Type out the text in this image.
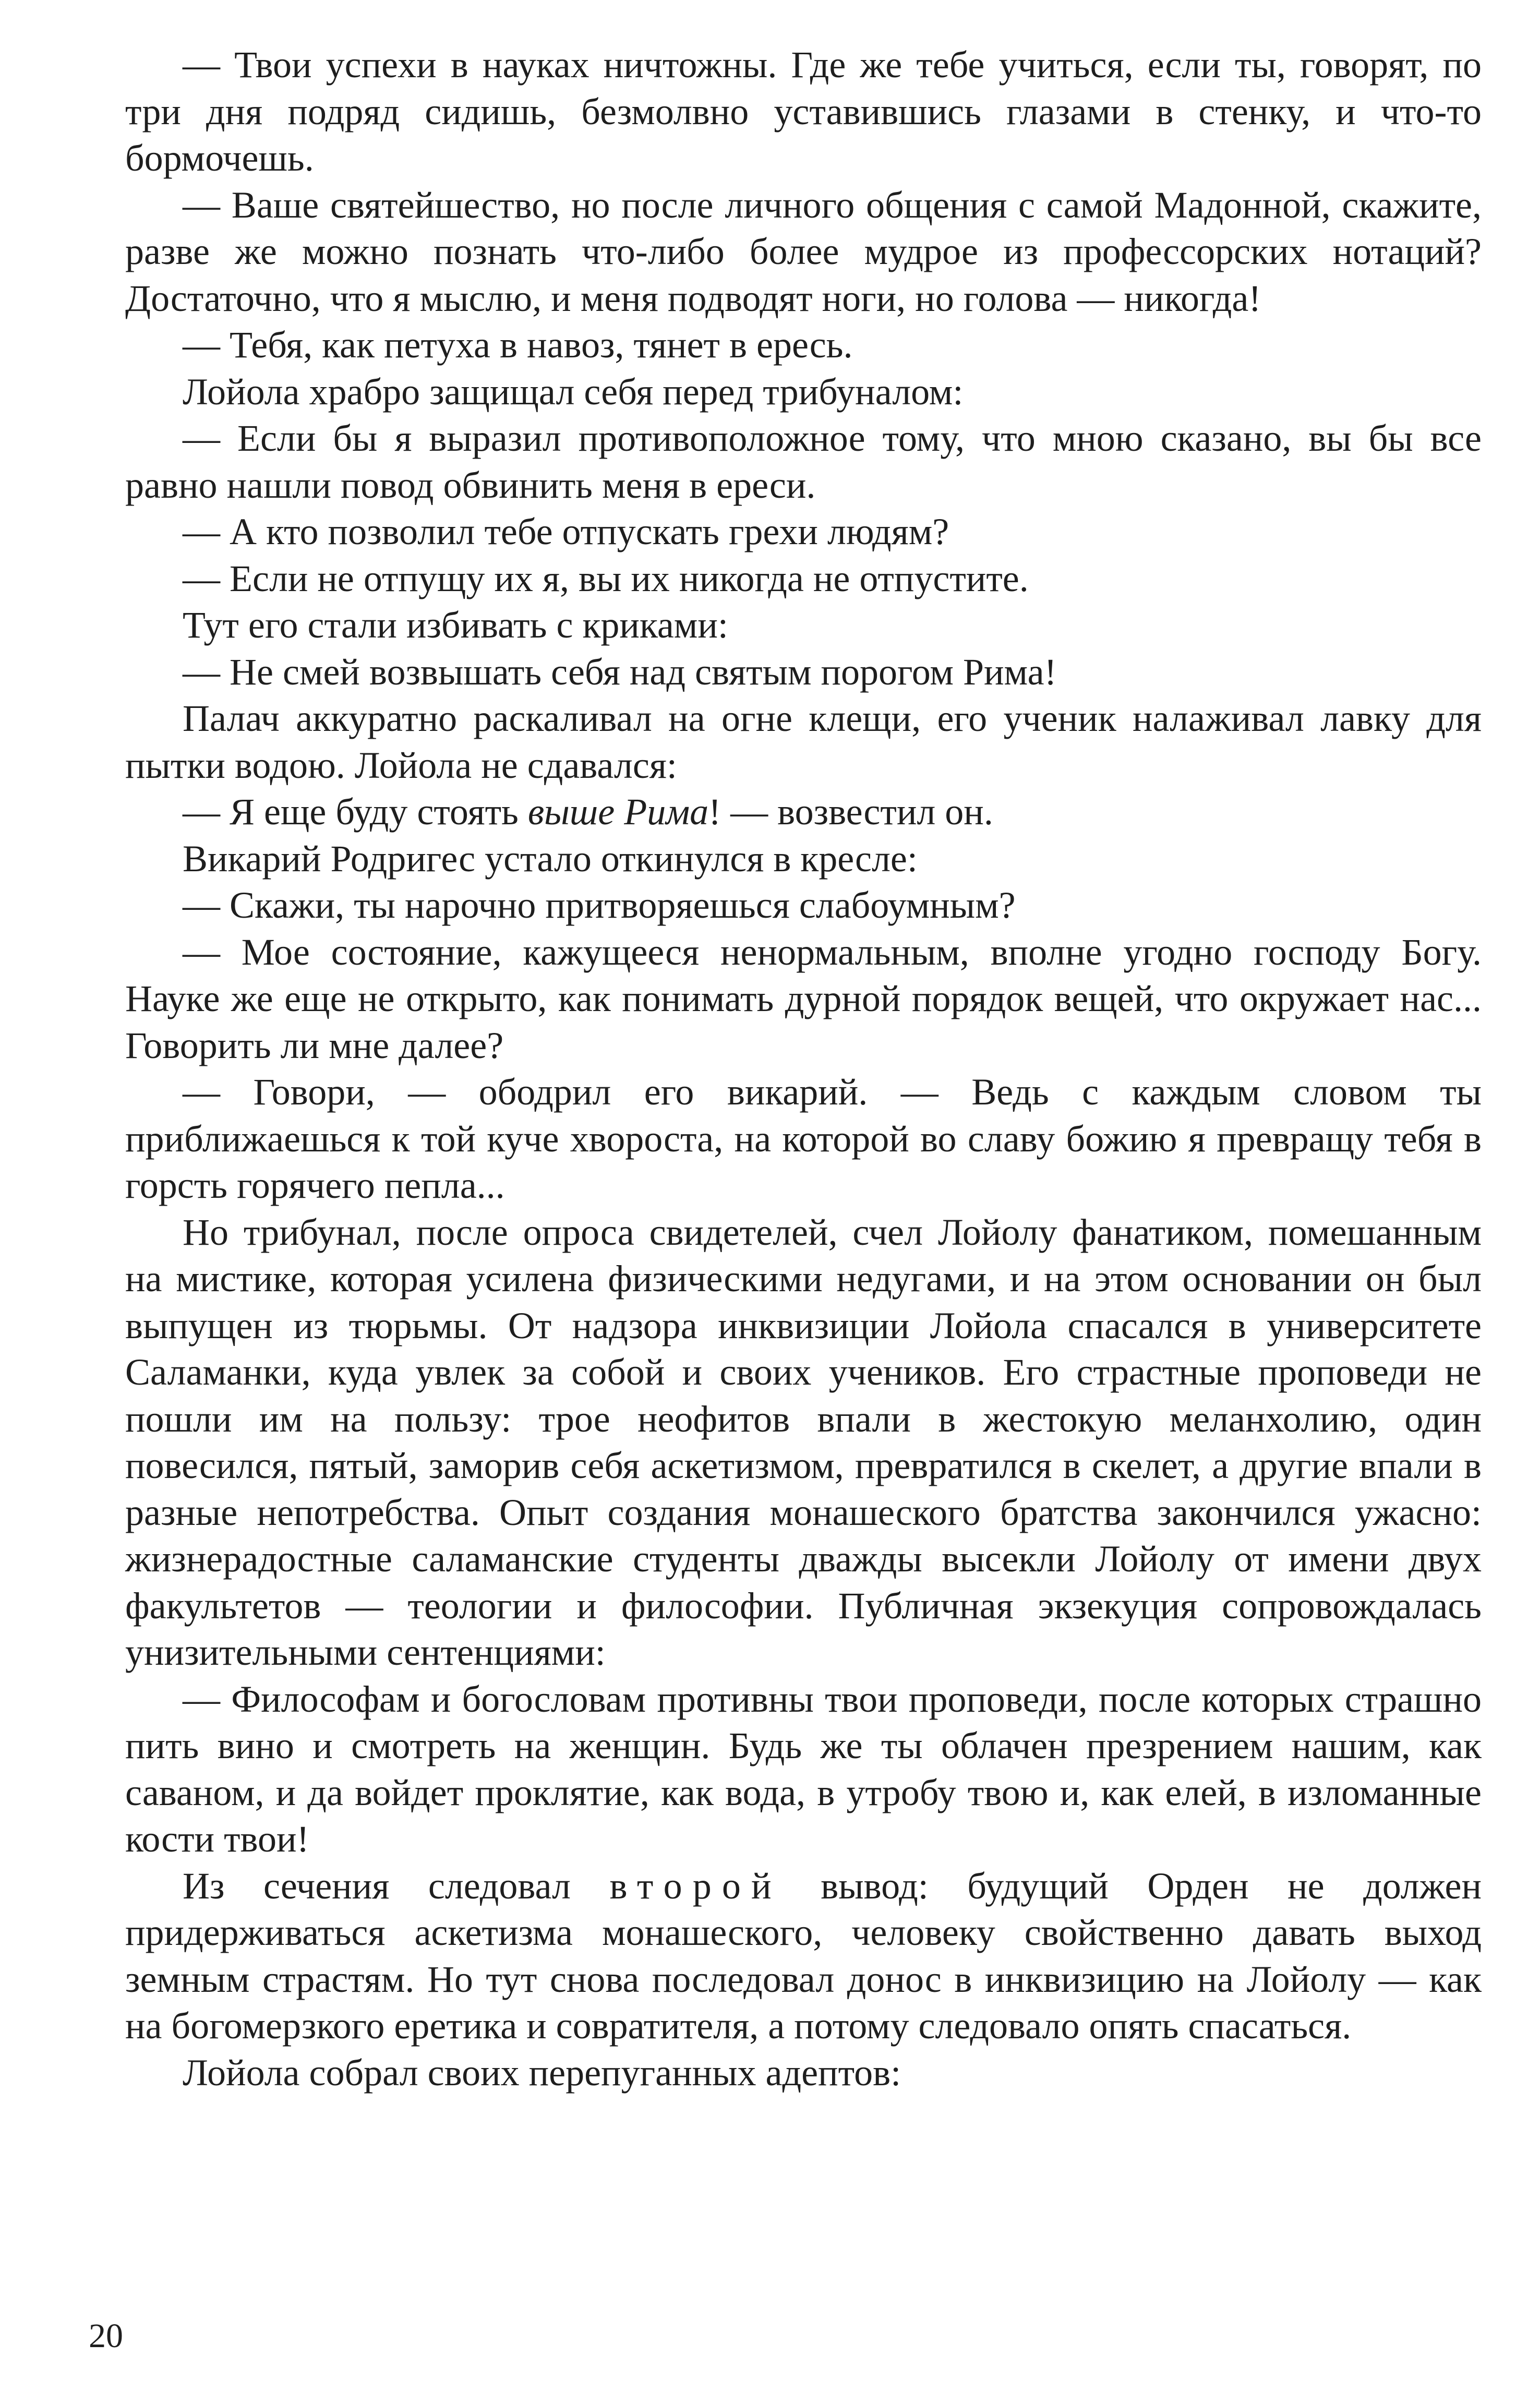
— Твои успехи в науках ничтожны. Где же тебе учиться, если ты, говорят, по три дня подряд сидишь, безмолвно уставившись глазами в стенку, и что-то бормочешь.

— Ваше святейшество, но после личного общения с самой Мадонной, скажите, разве же можно познать что-либо более мудрое из профессорских нотаций? Достаточно, что я мыслю, и меня подводят ноги, но голова — никогда!

— Тебя, как петуха в навоз, тянет в ересь.

Лойола храбро защищал себя перед трибуналом:

— Если бы я выразил противоположное тому, что мною сказано, вы бы все равно нашли повод обвинить меня в ереси.

— А кто позволил тебе отпускать грехи людям?

— Если не отпущу их я, вы их никогда не отпустите.

Тут его стали избивать с криками:

— Не смей возвышать себя над святым порогом Рима!

Палач аккуратно раскаливал на огне клещи, его ученик налаживал лавку для пытки водою. Лойола не сдавался:

— Я еще буду стоять выше Рима! — возвестил он.

Викарий Родригес устало откинулся в кресле:

— Скажи, ты нарочно притворяешься слабоумным?

— Мое состояние, кажущееся ненормальным, вполне угодно господу Богу. Науке же еще не открыто, как понимать дурной порядок вещей, что окружает нас... Говорить ли мне далее?

— Говори, — ободрил его викарий. — Ведь с каждым словом ты приближаешься к той куче хвороста, на которой во славу божию я превращу тебя в горсть горячего пепла...

Но трибунал, после опроса свидетелей, счел Лойолу фанатиком, помешанным на мистике, которая усилена физическими недугами, и на этом основании он был выпущен из тюрьмы. От надзора инквизиции Лойола спасался в университете Саламанки, куда увлек за собой и своих учеников. Его страстные проповеди не пошли им на пользу: трое неофитов впали в жестокую меланхолию, один повесился, пятый, заморив себя аскетизмом, превратился в скелет, а другие впали в разные непотребства. Опыт создания монашеского братства закончился ужасно: жизнерадостные саламанские студенты дважды высекли Лойолу от имени двух факультетов — теологии и философии. Публичная экзекуция сопровождалась унизительными сентенциями:

— Философам и богословам противны твои проповеди, после которых страшно пить вино и смотреть на женщин. Будь же ты облачен презрением нашим, как саваном, и да войдет проклятие, как вода, в утробу твою и, как елей, в изломанные кости твои!

Из сечения следовал второй вывод: будущий Орден не должен придерживаться аскетизма монашеского, человеку свойственно давать выход земным страстям. Но тут снова последовал донос в инквизицию на Лойолу — как на богомерзкого еретика и совратителя, а потому следовало опять спасаться.

Лойола собрал своих перепуганных адептов:

20
